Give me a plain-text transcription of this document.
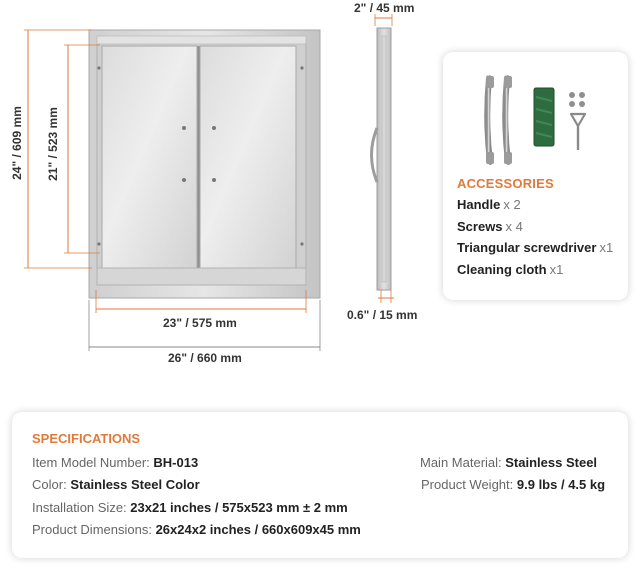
2" / 45 mm
24" / 609 mm 21" / 523 mm
23" / 575 mm
26" / 660 mm
0.6" / 15 mm
ACCESSORIES
Handle x 2
Screws x 4
Triangular screwdriver x1
Cleaning cloth x1
SPECIFICATIONS
Item Model Number: BH-013
Color: Stainless Steel Color
Installation Size: 23x21 inches / 575x523 mm ± 2 mm
Product Dimensions: 26x24x2 inches / 660x609x45 mm
Main Material: Stainless Steel
Product Weight: 9.9 lbs / 4.5 kg
